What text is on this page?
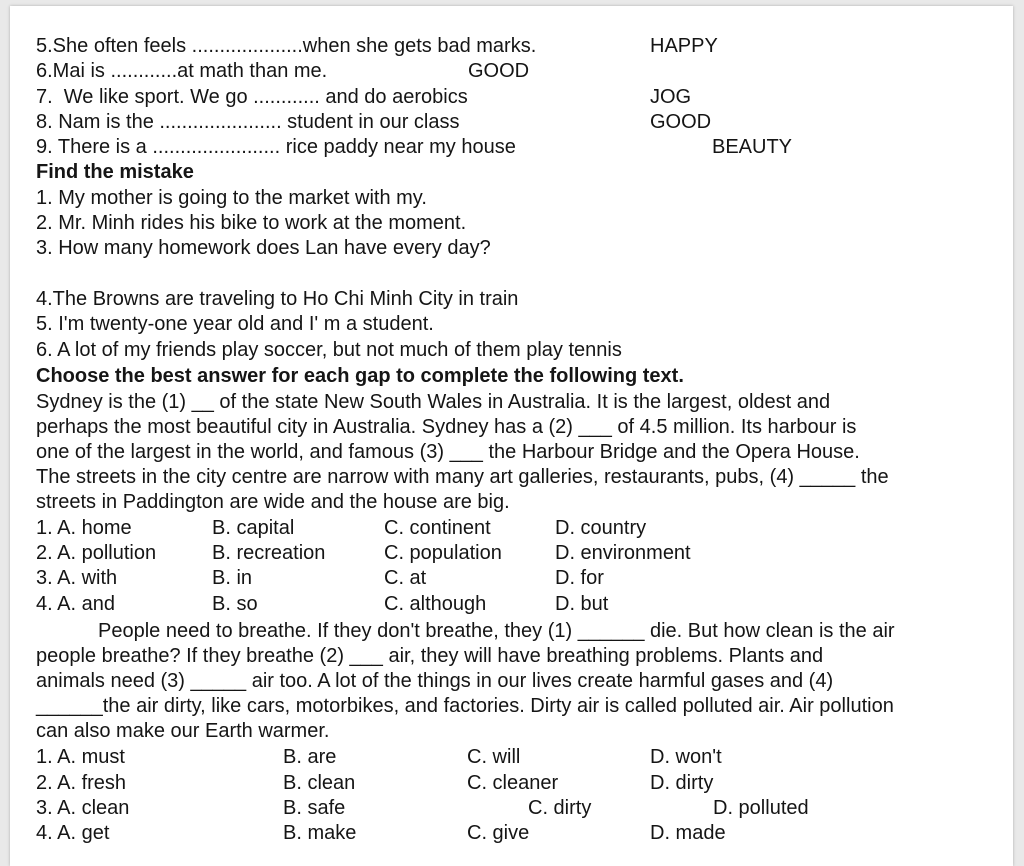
5.She often feels ....................when she gets bad marks.	HAPPY
6.Mai is ............at math than me.	GOOD
7.  We like sport. We go ............ and do aerobics	JOG
8. Nam is the ...................... student in our class	GOOD
9. There is a ....................... rice paddy near my house	BEAUTY
Find the mistake
1. My mother is going to the market with my.
2. Mr. Minh rides his bike to work at the moment.
3. How many homework does Lan have every day?
4.The Browns are traveling to Ho Chi Minh City in train
5. I'm twenty-one year old and I' m a student.
6. A lot of my friends play soccer, but not much of them play tennis
Choose the best answer for each gap to complete the following text.
Sydney is the (1) __ of the state New South Wales in Australia. It is the largest, oldest and
perhaps the most beautiful city in Australia. Sydney has a (2) ___ of 4.5 million. Its harbour is
one of the largest in the world, and famous (3) ___ the Harbour Bridge and the Opera House.
The streets in the city centre are narrow with many art galleries, restaurants, pubs, (4) _____ the
streets in Paddington are wide and the house are big.
1. A. home	B. capital	C. continent	D. country
2. A. pollution	B. recreation	C. population	D. environment
3. A. with	B. in	C. at	D. for
4. A. and	B. so	C. although	D. but
People need to breathe. If they don't breathe, they (1) ______ die. But how clean is the air
people breathe? If they breathe (2) ___ air, they will have breathing problems. Plants and
animals need (3) _____ air too. A lot of the things in our lives create harmful gases and (4)
______the air dirty, like cars, motorbikes, and factories. Dirty air is called polluted air. Air pollution
can also make our Earth warmer.
1. A. must	B. are	C. will	D. won't
2. A. fresh	B. clean	C. cleaner	D. dirty
3. A. clean	B. safe	C. dirty	D. polluted
4. A. get	B. make	C. give	D. made
